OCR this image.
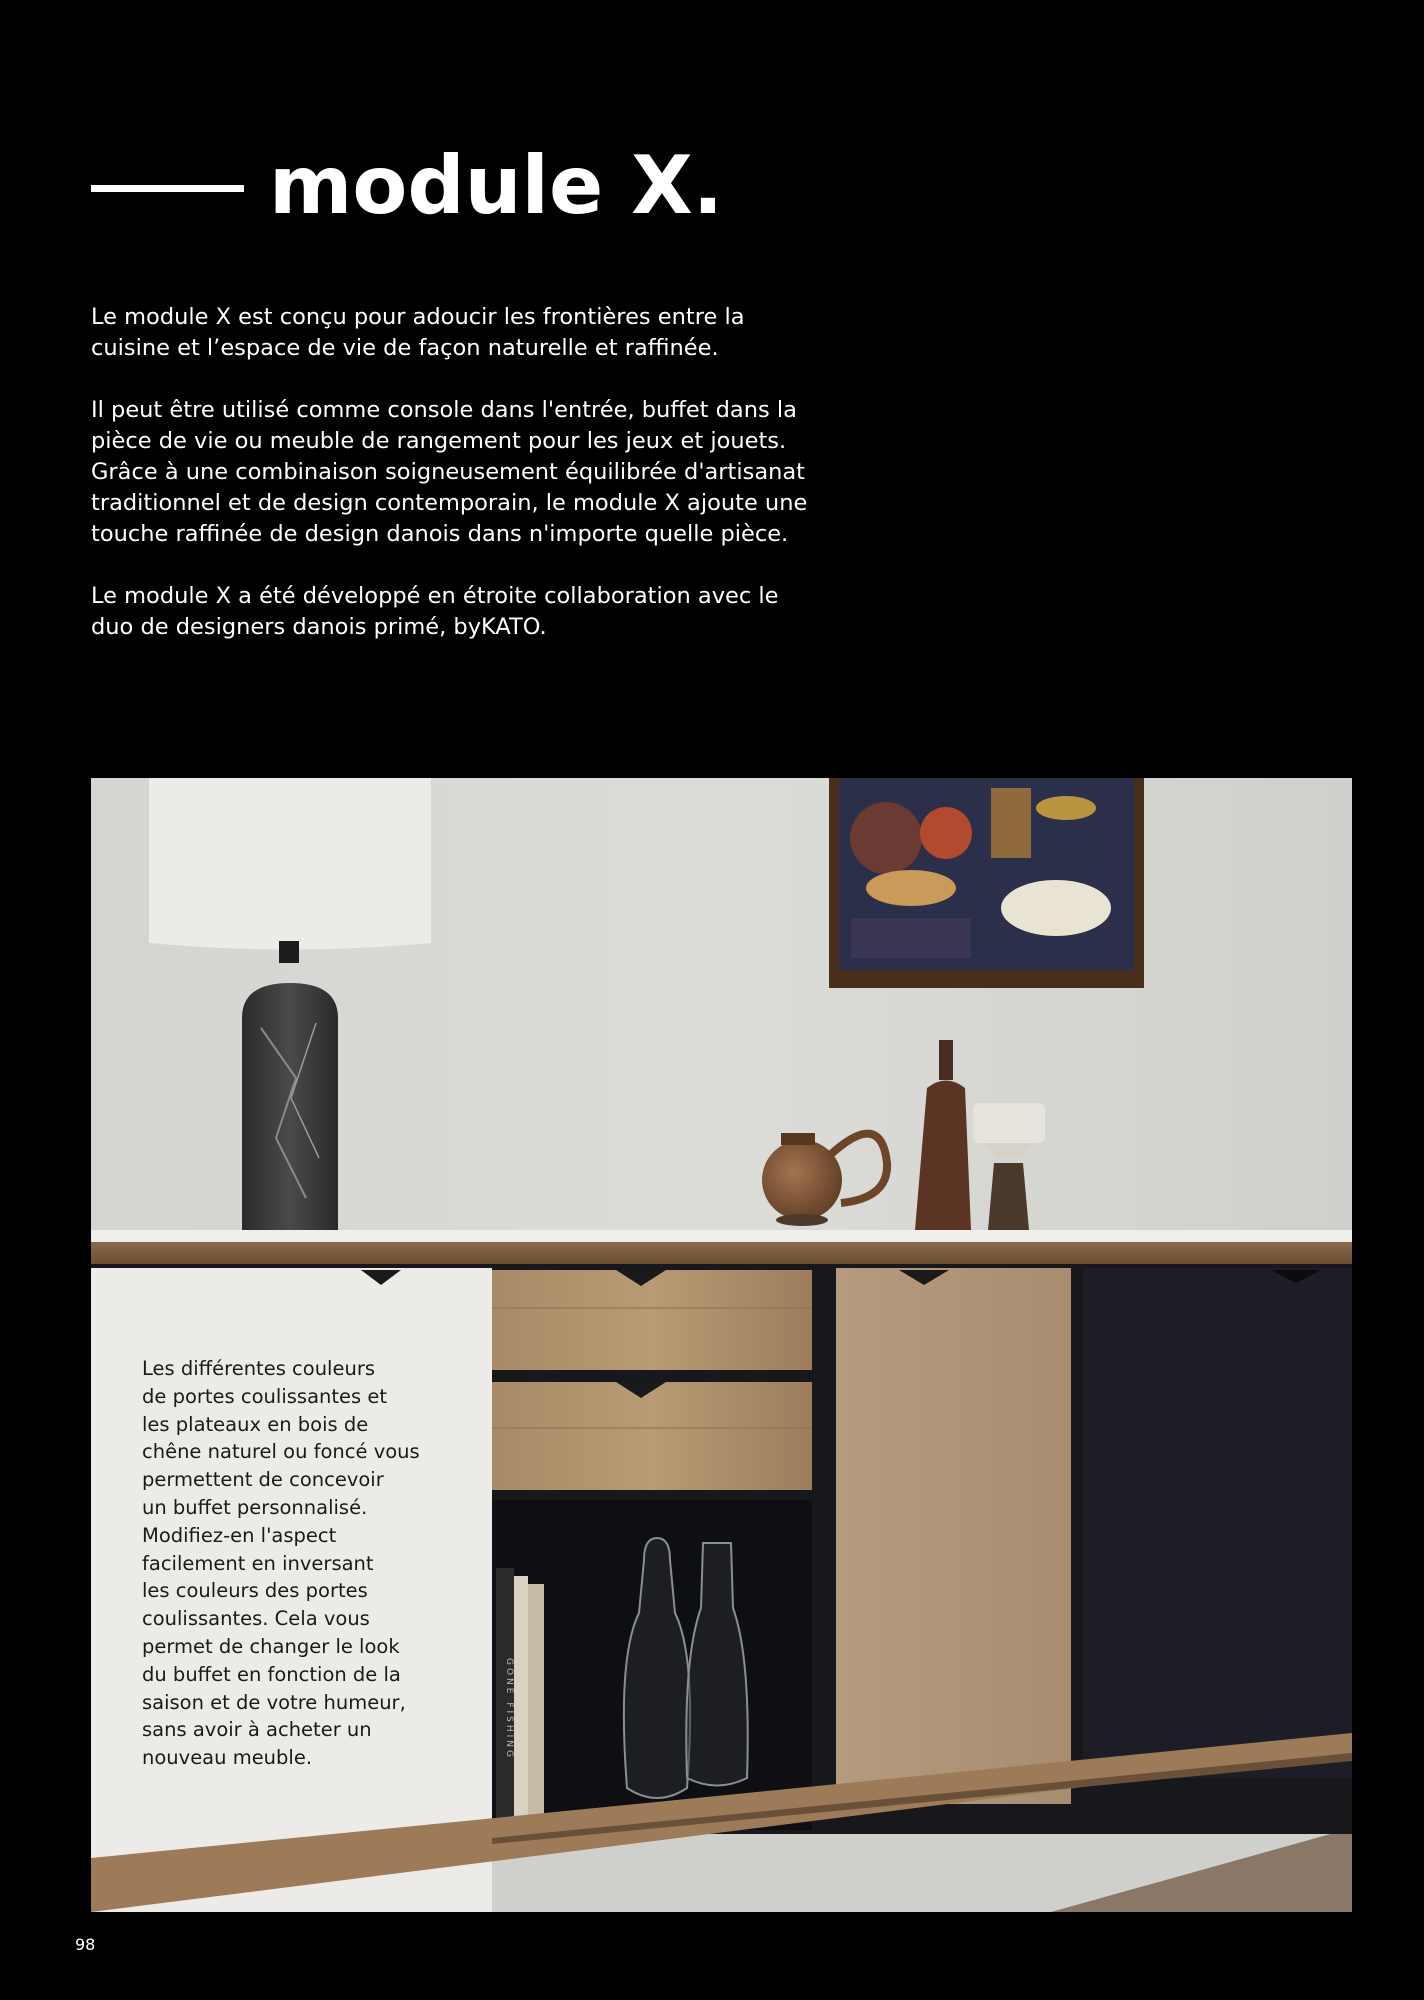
module X.

Le module X est conçu pour adoucir les frontières entre la cuisine et l’espace de vie de façon naturelle et raffinée.

Il peut être utilisé comme console dans l'entrée, buffet dans la pièce de vie ou meuble de rangement pour les jeux et jouets. Grâce à une combinaison soigneusement équilibrée d'artisanat traditionnel et de design contemporain, le module X ajoute une touche raffinée de design danois dans n'importe quelle pièce.

Le module X a été développé en étroite collaboration avec le duo de designers danois primé, byKATO.

GONE FISHING
Les différentes couleurs
de portes coulissantes et
les plateaux en bois de
chêne naturel ou foncé vous
permettent de concevoir
un buffet personnalisé.
Modifiez-en l'aspect
facilement en inversant
les couleurs des portes
coulissantes. Cela vous
permet de changer le look
du buffet en fonction de la
saison et de votre humeur,
sans avoir à acheter un
nouveau meuble.
98
